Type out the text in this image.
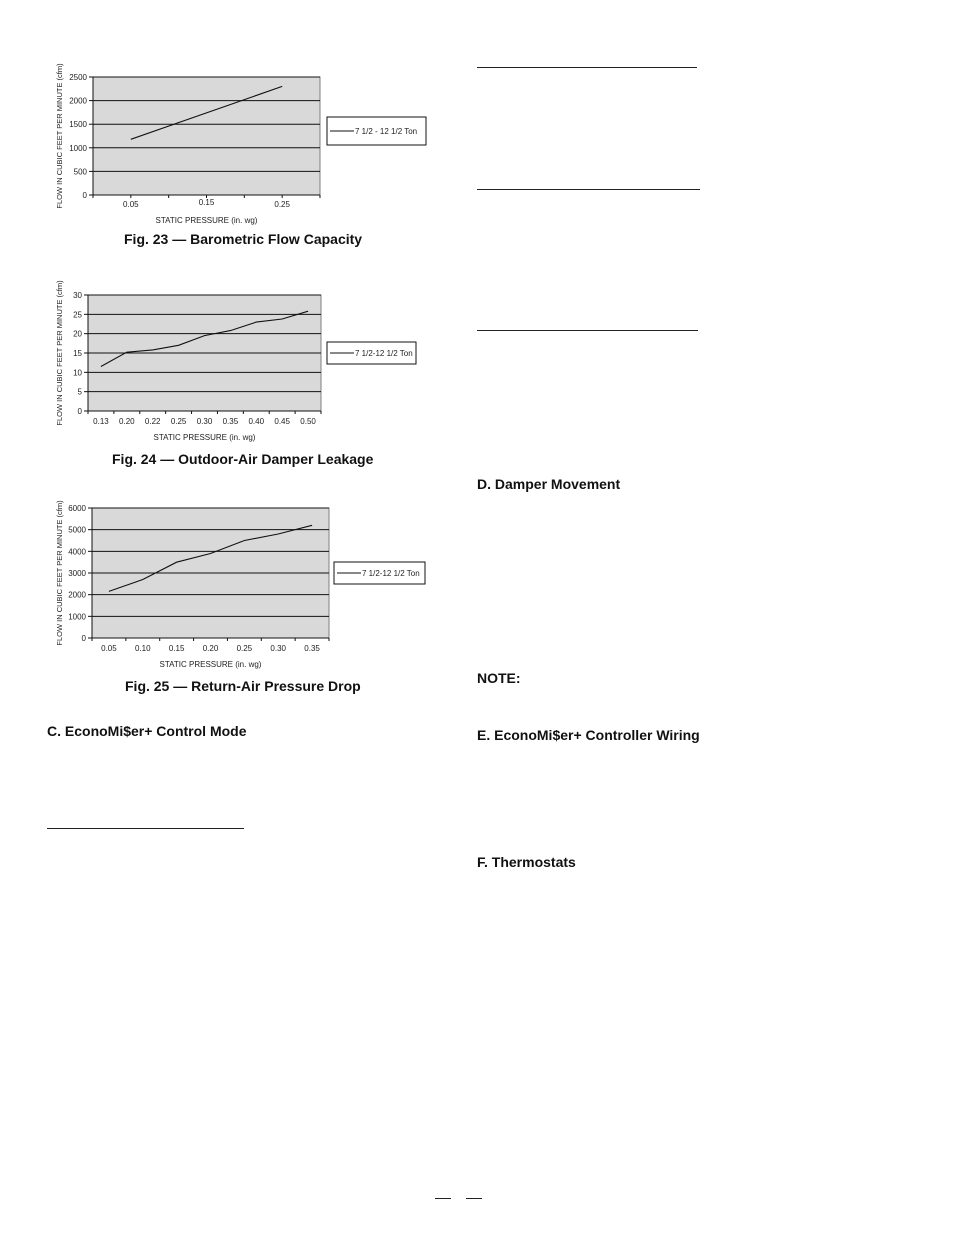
0
500
1000
1500
2000
2500
0.05	0.15	0.25
STATIC PRESSURE (in. wg)
FLOW IN CUBIC FEET PER MINUTE (cfm)	7 1/2 - 12 1/2 Ton
Fig. 23 — Barometric Flow Capacity
0
5
10
15
20
25
30
0.13 0.20 0.22 0.25 0.30 0.35 0.40 0.45 0.50
STATIC PRESSURE (in. wg)
FLOW IN CUBIC FEET PER MINUTE (cfm)	7 1/2-12 1/2 Ton
Fig. 24 — Outdoor-Air Damper Leakage
0
1000
2000
3000
4000
5000
6000
0.05 0.10 0.15 0.20 0.25 0.30 0.35
STATIC PRESSURE (in. wg)
FLOW IN CUBIC FEET PER MINUTE (cfm)	7 1/2-12 1/2 Ton
Fig. 25 — Return-Air Pressure Drop
C. EconoMi$er+ Control Mode
D. Damper Movement
NOTE:
E. EconoMi$er+ Controller Wiring
F. Thermostats
